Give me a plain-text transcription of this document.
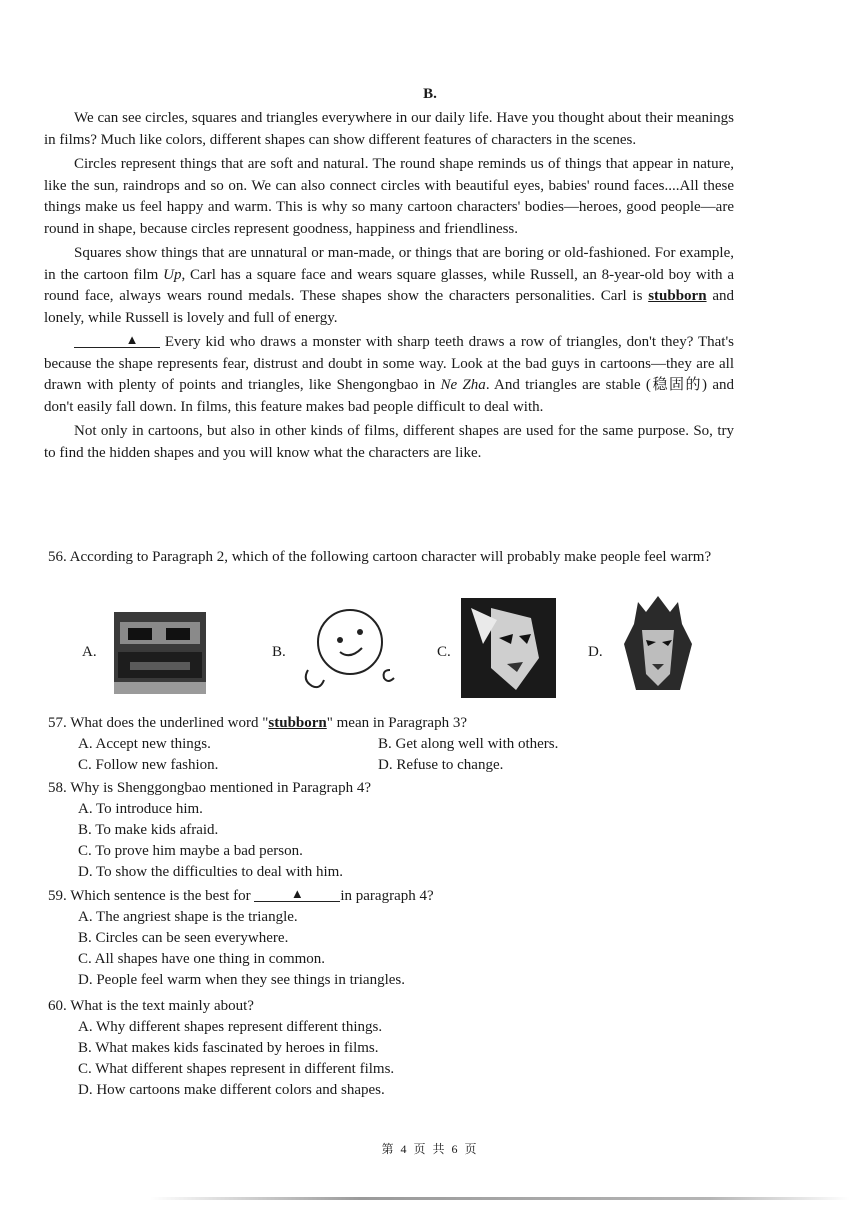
B.

We can see circles, squares and triangles everywhere in our daily life. Have you thought about their meanings in films? Much like colors, different shapes can show different features of characters in the scenes.

Circles represent things that are soft and natural. The round shape reminds us of things that appear in nature, like the sun, raindrops and so on. We can also connect circles with beautiful eyes, babies' round faces....All these things make us feel happy and warm. This is why so many cartoon characters' bodies—heroes, good people—are round in shape, because circles represent goodness, happiness and friendliness.

Squares show things that are unnatural or man-made, or things that are boring or old-fashioned. For example, in the cartoon film Up, Carl has a square face and wears square glasses, while Russell, an 8-year-old boy with a round face, always wears round medals. These shapes show the characters personalities. Carl is stubborn and lonely, while Russell is lovely and full of energy.

▲ Every kid who draws a monster with sharp teeth draws a row of triangles, don't they? That's because the shape represents fear, distrust and doubt in some way. Look at the bad guys in cartoons—they are all drawn with plenty of points and triangles, like Shengongbao in Ne Zha. And triangles are stable (稳固的) and don't easily fall down. In films, this feature makes bad people difficult to deal with.

Not only in cartoons, but also in other kinds of films, different shapes are used for the same purpose. So, try to find the hidden shapes and you will know what the characters are like.

56. According to Paragraph 2, which of the following cartoon character will probably make people feel warm?

A.	B.	C.	D.

57. What does the underlined word "stubborn" mean in Paragraph 3?

A. Accept new things.	B. Get along well with others.

C. Follow new fashion.	D. Refuse to change.

58. Why is Shenggongbao mentioned in Paragraph 4?

A. To introduce him.

B. To make kids afraid.

C. To prove him maybe a bad person.

D. To show the difficulties to deal with him.

59. Which sentence is the best for	▲ in paragraph 4?

A. The angriest shape is the triangle.

B. Circles can be seen everywhere.

C. All shapes have one thing in common.

D. People feel warm when they see things in triangles.

60. What is the text mainly about?

A. Why different shapes represent different things.

B. What makes kids fascinated by heroes in films.

C. What different shapes represent in different films.

D. How cartoons make different colors and shapes.

第 4 页 共 6 页
